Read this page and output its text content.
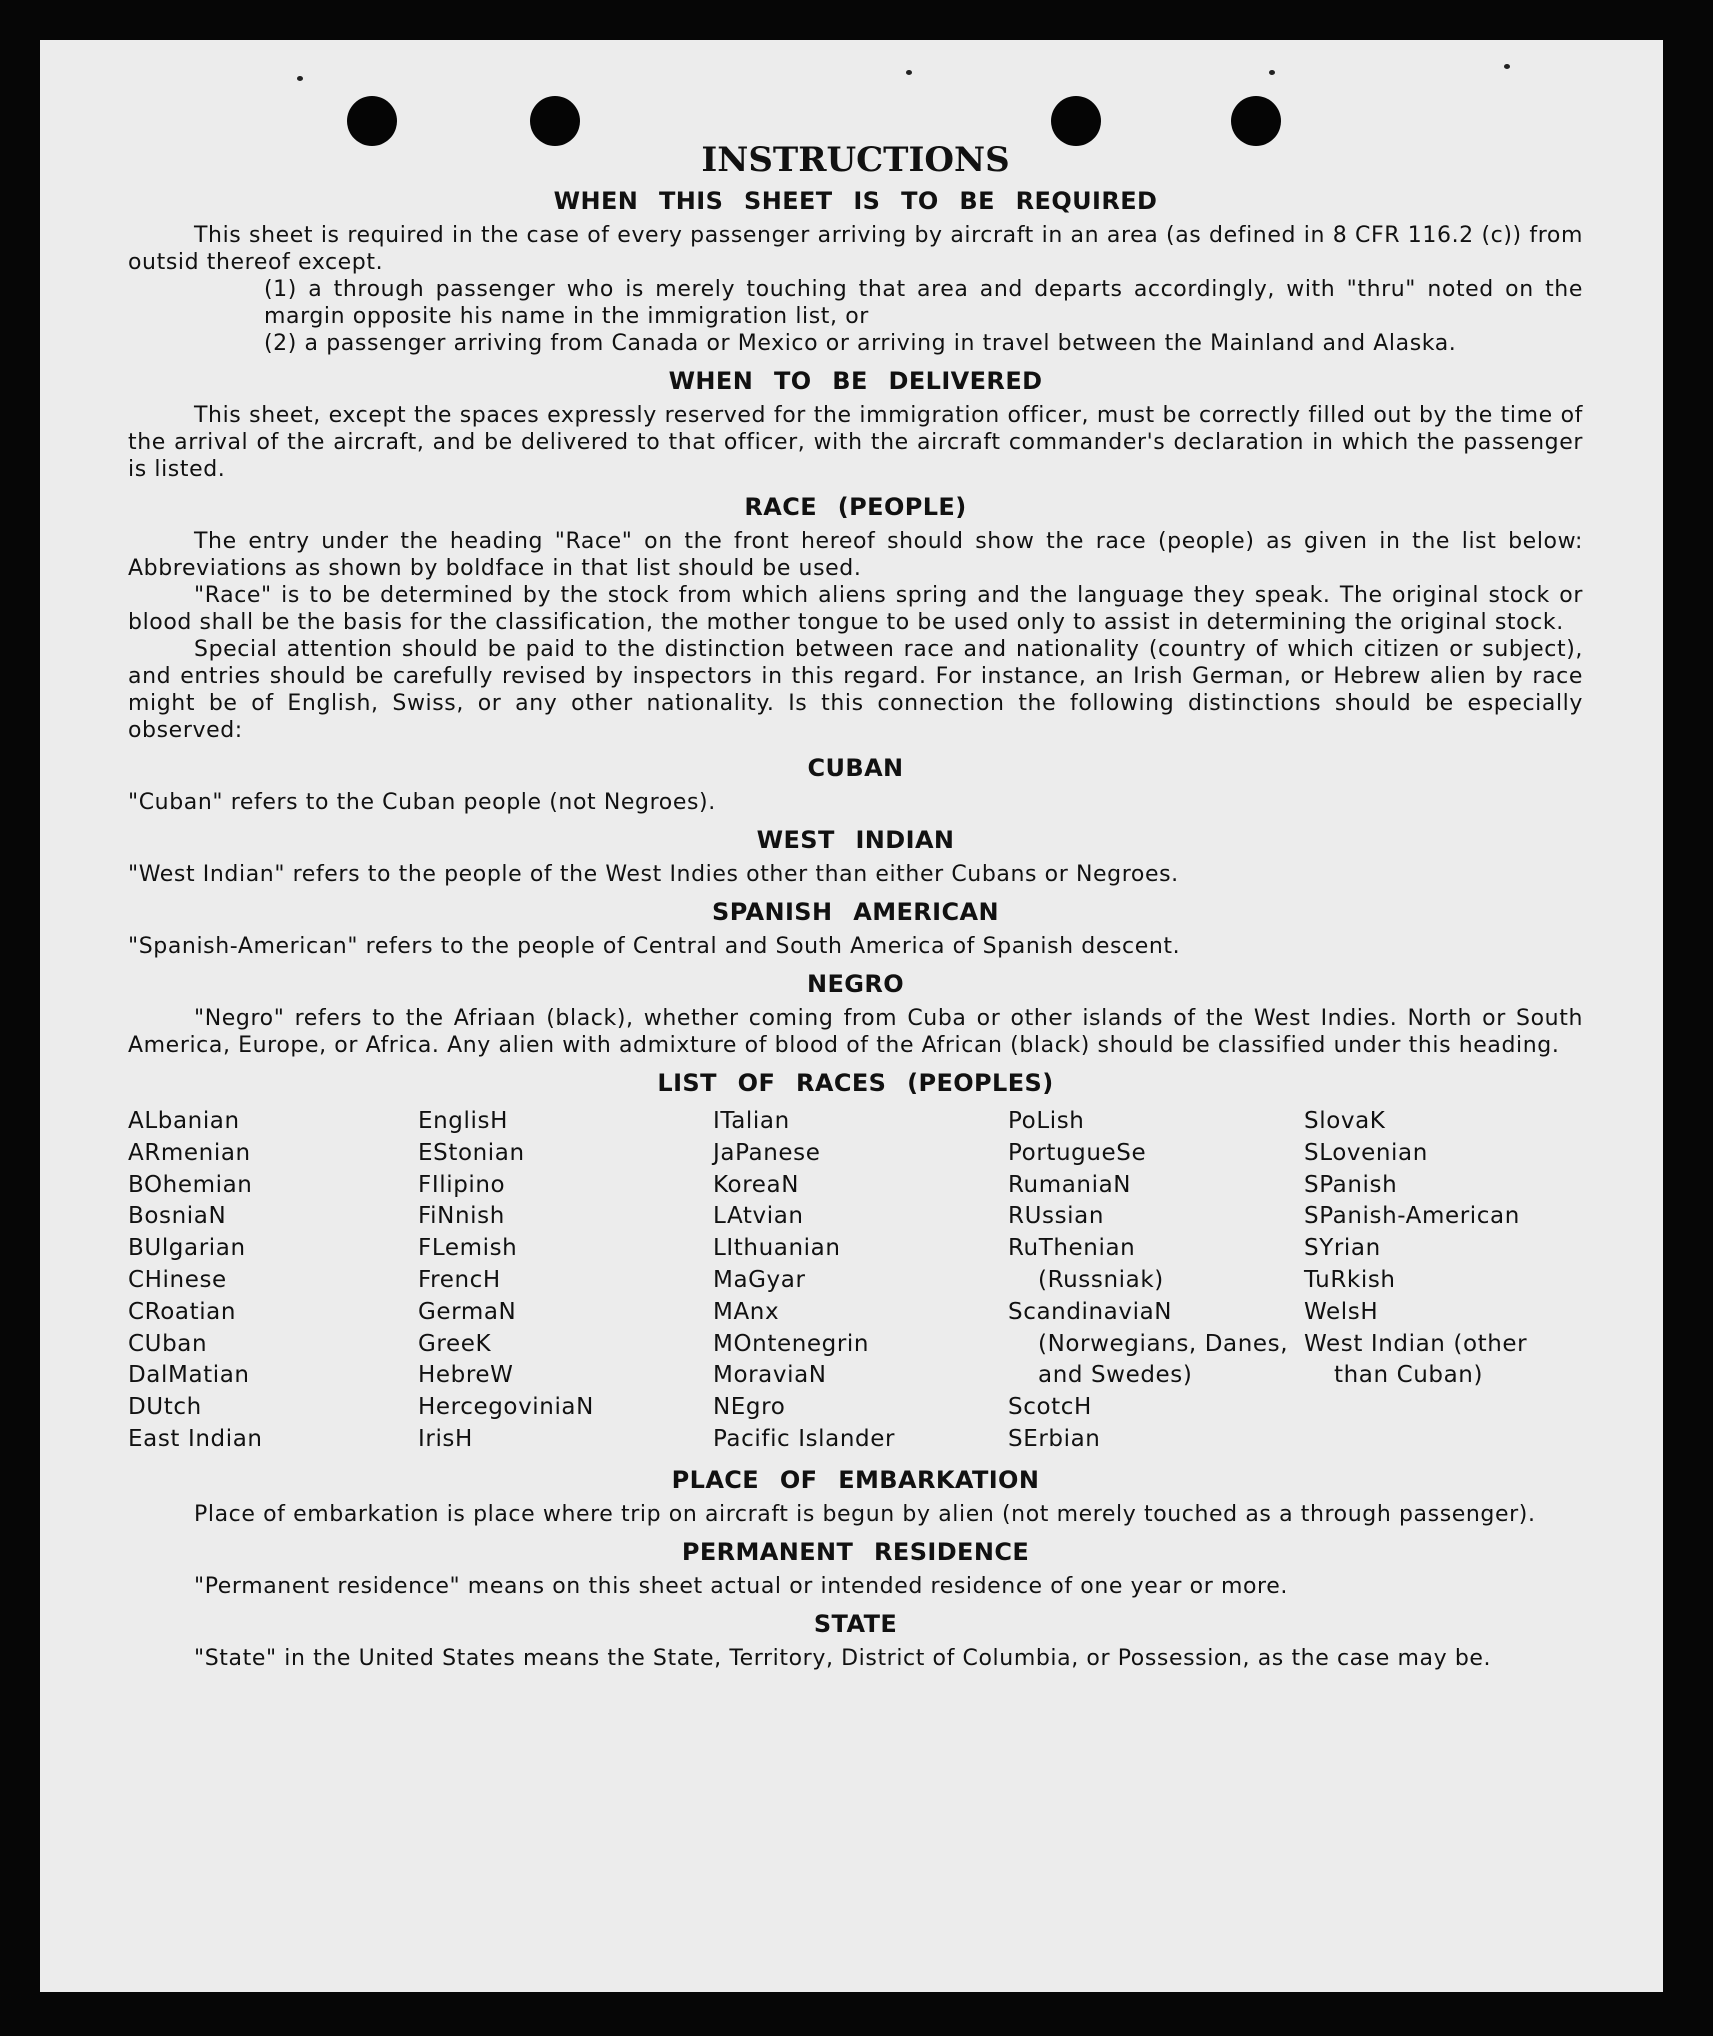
INSTRUCTIONS
WHEN THIS SHEET IS TO BE REQUIRED

This sheet is required in the case of every passenger arriving by aircraft in an area (as defined in 8 CFR 116.2 (c)) from outsid thereof except.

(1) a through passenger who is merely touching that area and departs accordingly, with "thru" noted on the margin opposite his name in the immigration list, or

(2) a passenger arriving from Canada or Mexico or arriving in travel between the Mainland and Alaska.

WHEN TO BE DELIVERED

This sheet, except the spaces expressly reserved for the immigration officer, must be correctly filled out by the time of the arrival of the aircraft, and be delivered to that officer, with the aircraft commander's declaration in which the passenger is listed.

RACE (PEOPLE)

The entry under the heading "Race" on the front hereof should show the race (people) as given in the list below: Abbreviations as shown by boldface in that list should be used.

"Race" is to be determined by the stock from which aliens spring and the language they speak. The original stock or blood shall be the basis for the classification, the mother tongue to be used only to assist in determining the original stock.

Special attention should be paid to the distinction between race and nationality (country of which citizen or subject), and entries should be carefully revised by inspectors in this regard. For instance, an Irish German, or Hebrew alien by race might be of English, Swiss, or any other nationality. Is this connection the following distinctions should be especially observed:

CUBAN

"Cuban" refers to the Cuban people (not Negroes).

WEST INDIAN

"West Indian" refers to the people of the West Indies other than either Cubans or Negroes.

SPANISH AMERICAN

"Spanish-American" refers to the people of Central and South America of Spanish descent.

NEGRO

"Negro" refers to the Afriaan (black), whether coming from Cuba or other islands of the West Indies. North or South America, Europe, or Africa. Any alien with admixture of blood of the African (black) should be classified under this heading.

LIST OF RACES (PEOPLES)
ALbanian
ARmenian
BOhemian
BosniaN
BUlgarian
CHinese
CRoatian
CUban
DalMatian
DUtch
East Indian
EnglisH
EStonian
FIlipino
FiNnish
FLemish
FrencH
GermaN
GreeK
HebreW
HercegoviniaN
IrisH
ITalian
JaPanese
KoreaN
LAtvian
LIthuanian
MaGyar
MAnx
MOntenegrin
MoraviaN
NEgro
Pacific Islander
PoLish
PortugueSe
RumaniaN
RUssian
RuThenian (Russniak)
ScandinaviaN (Norwegians, Danes, and Swedes)
ScotcH
SErbian
SlovaK
SLovenian
SPanish
SPanish-American
SYrian
TuRkish
WelsH
West Indian (other than Cuban)
PLACE OF EMBARKATION

Place of embarkation is place where trip on aircraft is begun by alien (not merely touched as a through passenger).

PERMANENT RESIDENCE

"Permanent residence" means on this sheet actual or intended residence of one year or more.

STATE

"State" in the United States means the State, Territory, District of Columbia, or Possession, as the case may be.
